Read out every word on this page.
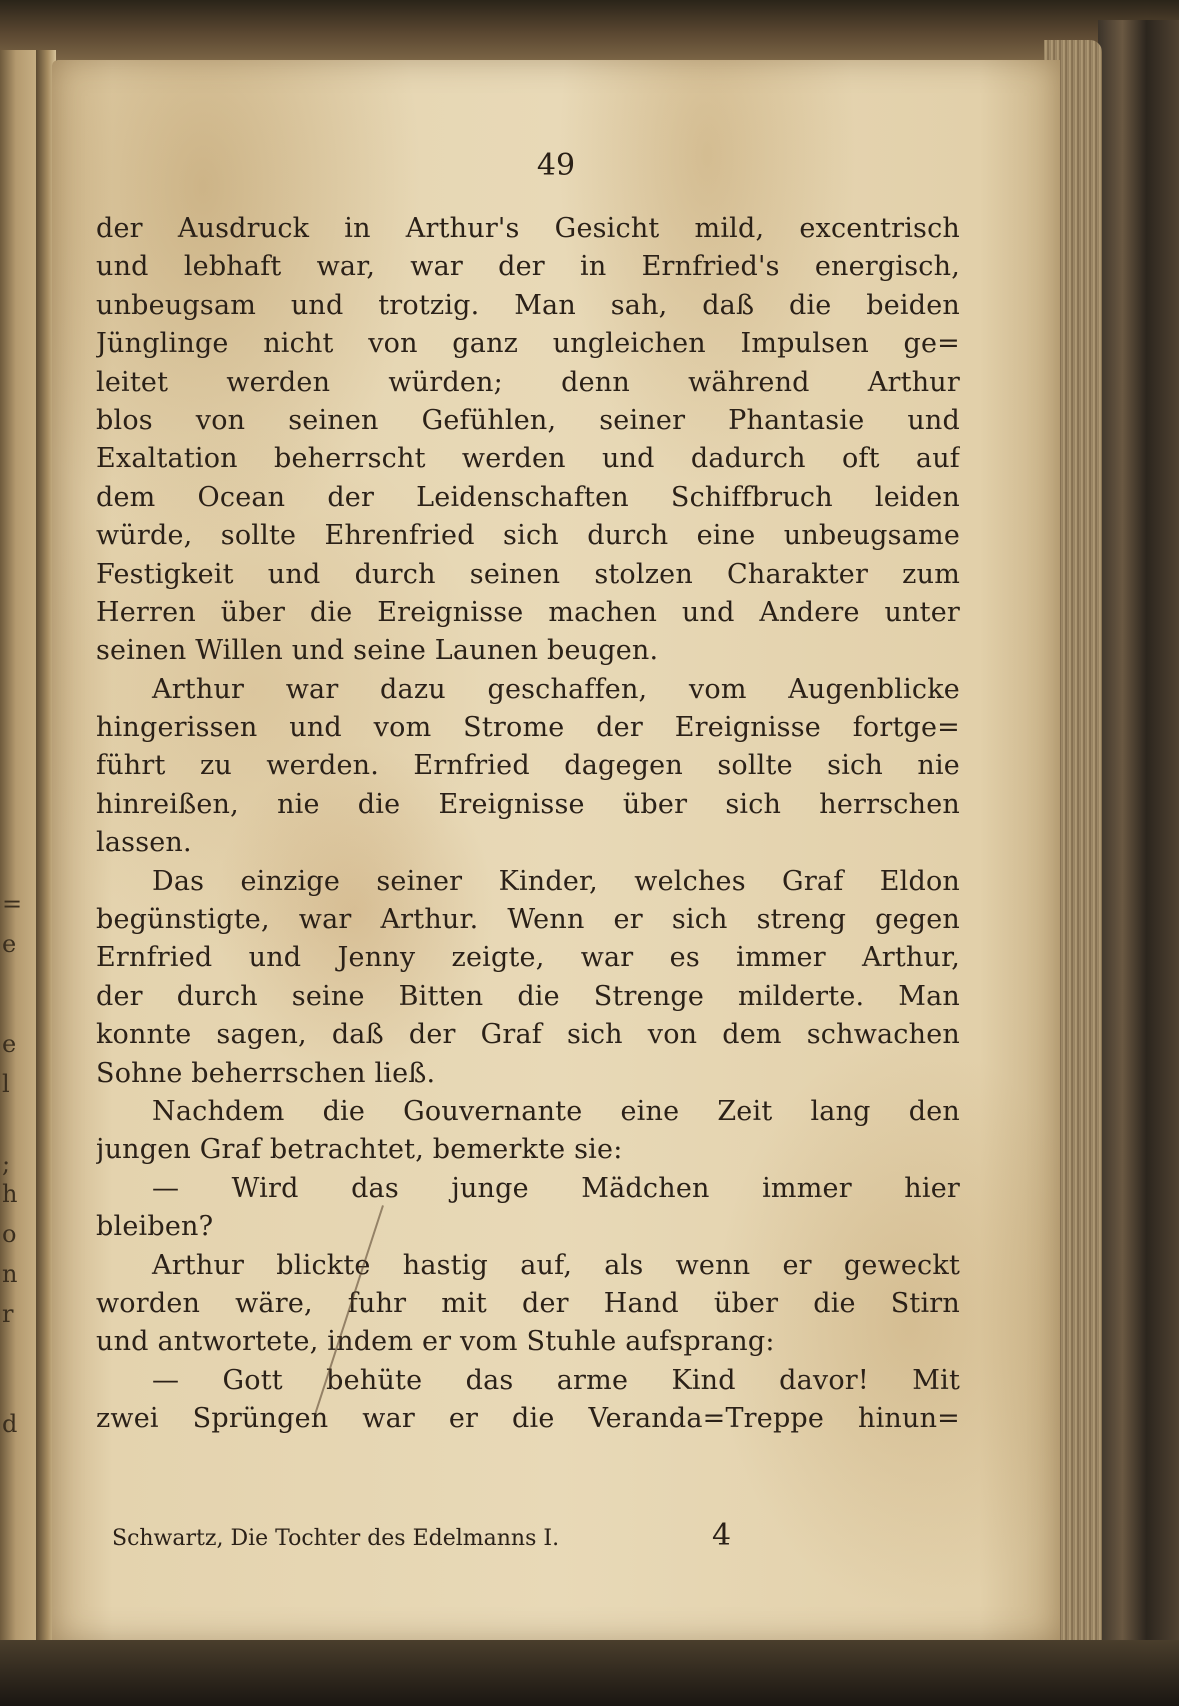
=
e
e
l
;
h
o
n
r
d
49
der Ausdruck in Arthur's Gesicht mild, excentrisch
und lebhaft war, war der in Ernfried's energisch,
unbeugsam und trotzig. Man sah, daß die beiden
Jünglinge nicht von ganz ungleichen Impulsen ge=
leitet werden würden; denn während Arthur
blos von seinen Gefühlen, seiner Phantasie und
Exaltation beherrscht werden und dadurch oft auf
dem Ocean der Leidenschaften Schiffbruch leiden
würde, sollte Ehrenfried sich durch eine unbeugsame
Festigkeit und durch seinen stolzen Charakter zum
Herren über die Ereignisse machen und Andere unter
seinen Willen und seine Launen beugen.
Arthur war dazu geschaffen, vom Augenblicke
hingerissen und vom Strome der Ereignisse fortge=
führt zu werden. Ernfried dagegen sollte sich nie
hinreißen, nie die Ereignisse über sich herrschen
lassen.
Das einzige seiner Kinder, welches Graf Eldon
begünstigte, war Arthur. Wenn er sich streng gegen
Ernfried und Jenny zeigte, war es immer Arthur,
der durch seine Bitten die Strenge milderte. Man
konnte sagen, daß der Graf sich von dem schwachen
Sohne beherrschen ließ.
Nachdem die Gouvernante eine Zeit lang den
jungen Graf betrachtet, bemerkte sie:
— Wird das junge Mädchen immer hier
bleiben?
Arthur blickte hastig auf, als wenn er geweckt
worden wäre, fuhr mit der Hand über die Stirn
und antwortete, indem er vom Stuhle aufsprang:
— Gott behüte das arme Kind davor! Mit
zwei Sprüngen war er die Veranda=Treppe hinun=
Schwartz, Die Tochter des Edelmanns I.	4
